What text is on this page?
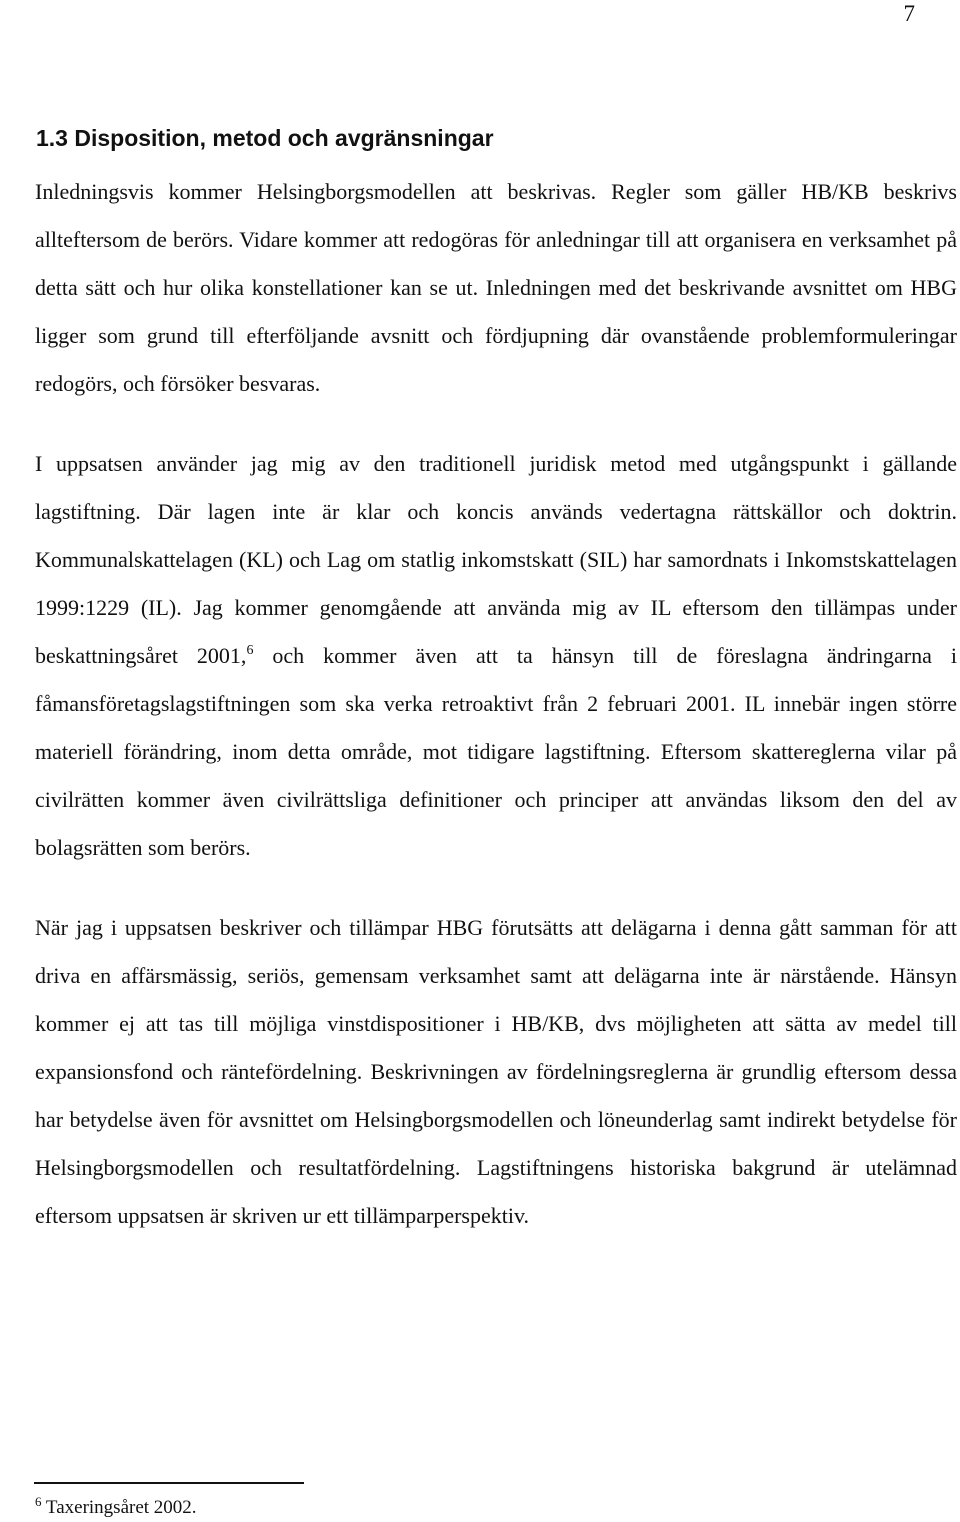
7
1.3 Disposition, metod och avgränsningar

Inledningsvis kommer Helsingborgsmodellen att beskrivas. Regler som gäller HB/KB beskrivs allteftersom de berörs. Vidare kommer att redogöras för anledningar till att organisera en verksamhet på detta sätt och hur olika konstellationer kan se ut. Inledningen med det beskrivande avsnittet om HBG ligger som grund till efterföljande avsnitt och fördjupning där ovanstående problemformuleringar redogörs, och försöker besvaras.

I uppsatsen använder jag mig av den traditionell juridisk metod med utgångspunkt i gällande lagstiftning. Där lagen inte är klar och koncis används vedertagna rättskällor och doktrin. Kommunalskattelagen (KL) och Lag om statlig inkomstskatt (SIL) har samordnats i Inkomstskattelagen 1999:1229 (IL). Jag kommer genomgående att använda mig av IL eftersom den tillämpas under beskattningsåret 2001,$^6$ och kommer även att ta hänsyn till de föreslagna ändringarna i fåmansföretagslagstiftningen som ska verka retroaktivt från 2 februari 2001. IL innebär ingen större materiell förändring, inom detta område, mot tidigare lagstiftning. Eftersom skattereglerna vilar på civilrätten kommer även civilrättsliga definitioner och principer att användas liksom den del av bolagsrätten som berörs.

När jag i uppsatsen beskriver och tillämpar HBG förutsätts att delägarna i denna gått samman för att driva en affärsmässig, seriös, gemensam verksamhet samt att delägarna inte är närstående. Hänsyn kommer ej att tas till möjliga vinstdispositioner i HB/KB, dvs möjligheten att sätta av medel till expansionsfond och räntefördelning. Beskrivningen av fördelningsreglerna är grundlig eftersom dessa har betydelse även för avsnittet om Helsingborgsmodellen och löneunderlag samt indirekt betydelse för Helsingborgsmodellen och resultatfördelning. Lagstiftningens historiska bakgrund är utelämnad eftersom uppsatsen är skriven ur ett tillämparperspektiv.

$^6$ Taxeringsåret 2002.
